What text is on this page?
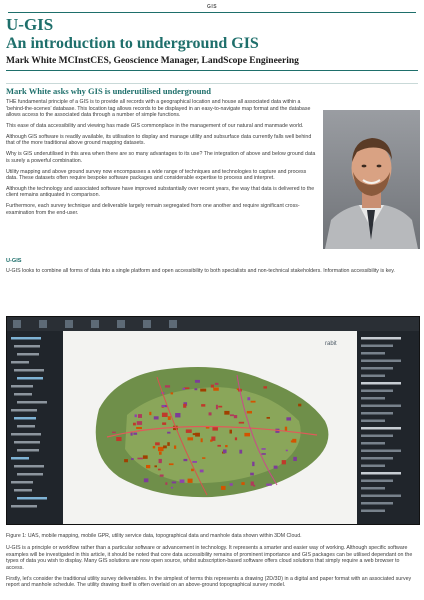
GIS
U-GIS
An introduction to underground GIS
Mark White MCInstCES, Geoscience Manager, LandScope Engineering
Mark White asks why GIS is underutilised underground

THE fundamental principle of a GIS is to provide all records with a geographical location and house all associated data within a ‘behind-the-scenes’ database. This location tag allows records to be displayed in an easy-to-navigate map format and the database allows access to the associated data through a number of simple functions.

This ease of data accessibility and viewing has made GIS commonplace in the management of our natural and manmade world.

Although GIS software is readily available, its utilisation to display and manage utility and subsurface data currently falls well behind that of the more traditional above ground mapping datasets.

Why is GIS underutilised in this area when there are so many advantages to its use? The integration of above and below ground data is surely a powerful combination.

Utility mapping and above ground survey now encompasses a wide range of techniques and technologies to capture and process data. These datasets often require bespoke software packages and considerable expertise to process and interpret.

Although the technology and associated software have improved substantially over recent years, the way that data is delivered to the client remains antiquated in comparison.

Furthermore, each survey technique and deliverable largely remain segregated from one another and require significant cross-examination from the end-user.

U-GIS

U-GIS looks to combine all forms of data into a single platform and open accessibility to both specialists and non-technical stakeholders. Information accessibility is key.

rabit
Figure 1: UAS, mobile mapping, mobile GPR, utility service data, topographical data and manhole data shown within 3DM Cloud.

U-GIS is a principle or workflow rather than a particular software or advancement in technology. It represents a smarter and easier way of working. Although specific software examples will be investigated in this article, it should be noted that core data accessibility remains of prominent importance and GIS packages can be utilised dependant on the types of data you wish to display. Many GIS solutions are now open source, whilst subscription-based software offers cloud solutions that simply require a web browser to access.

Firstly, let’s consider the traditional utility survey deliverables. In the simplest of terms this represents a drawing (2D/3D) in a digital and paper format with an associated survey report and manhole schedule. The utility drawing itself is often overlaid on an above-ground topographical survey model.
